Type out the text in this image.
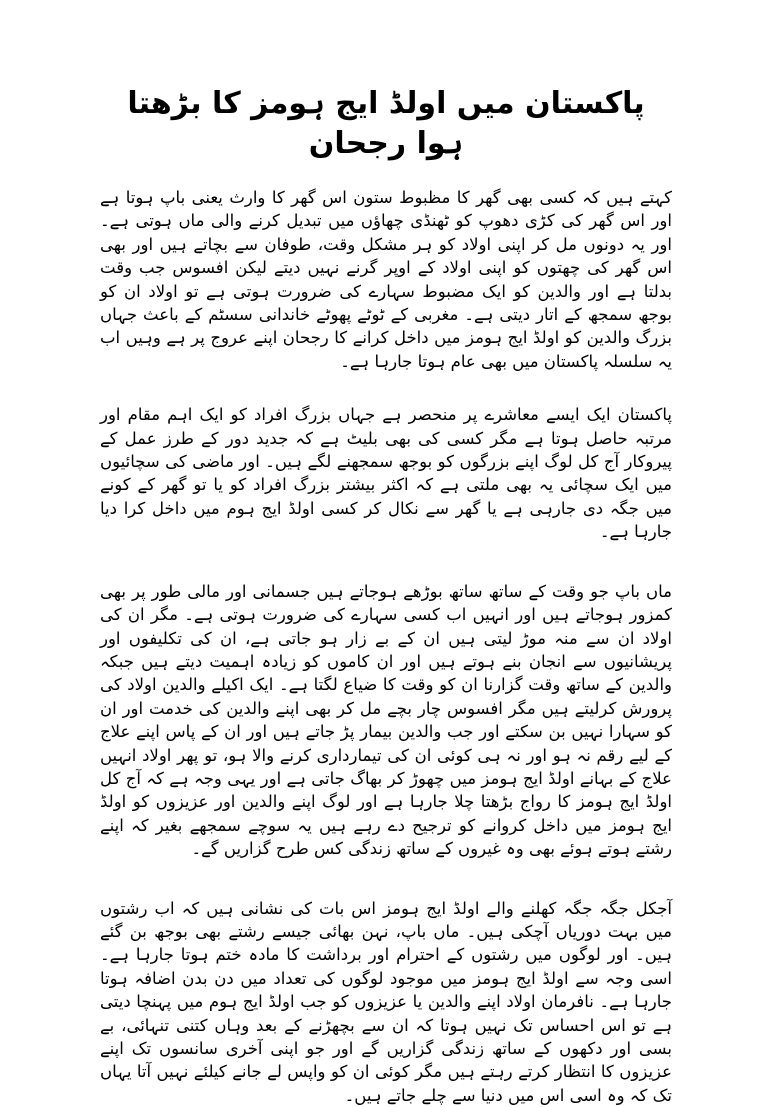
پاکستان میں اولڈ ایج ہومز کا بڑھتا ہوا رجحان

کہتے ہیں کہ کسی بھی گھر کا مظبوط ستون اس گھر کا وارث یعنی باپ ہوتا ہے اور اس گھر کی کڑی دھوپ کو ٹھنڈی چھاؤں میں تبدیل کرنے والی ماں ہوتی ہے۔ اور یہ دونوں مل کر اپنی اولاد کو ہر مشکل وقت، طوفان سے بچاتے ہیں اور بھی اس گھر کی چھتوں کو اپنی اولاد کے اوپر گرنے نہیں دیتے لیکن افسوس جب وقت بدلتا ہے اور والدین کو ایک مضبوط سہارے کی ضرورت ہوتی ہے تو اولاد ان کو بوجھ سمجھ کے اتار دیتی ہے۔ مغربی کے ٹوٹے پھوٹے خاندانی سسٹم کے باعث جہاں بزرگ والدین کو اولڈ ایج ہومز میں داخل کرانے کا رجحان اپنے عروج پر ہے وہیں اب یہ سلسلہ پاکستان میں بھی عام ہوتا جارہا ہے۔

پاکستان ایک ایسے معاشرے پر منحصر ہے جہاں بزرگ افراد کو ایک اہم مقام اور مرتبہ حاصل ہوتا ہے مگر کسی کی بھی بلیٹ ہے کہ جدید دور کے طرز عمل کے پیروکار آج کل لوگ اپنے بزرگوں کو بوجھ سمجھنے لگے ہیں۔ اور ماضی کی سچائیوں میں ایک سچائی یہ بھی ملتی ہے کہ اکثر بیشتر بزرگ افراد کو یا تو گھر کے کونے میں جگہ دی جارہی ہے یا گھر سے نکال کر کسی اولڈ ایج ہوم میں داخل کرا دیا جارہا ہے۔

ماں باپ جو وقت کے ساتھ ساتھ بوڑھے ہوجاتے ہیں جسمانی اور مالی طور پر بھی کمزور ہوجاتے ہیں اور انہیں اب کسی سہارے کی ضرورت ہوتی ہے۔ مگر ان کی اولاد ان سے منہ موڑ لیتی ہیں ان کے بے زار ہو جاتی ہے، ان کی تکلیفوں اور پریشانیوں سے انجان بنے ہوتے ہیں اور ان کاموں کو زیادہ اہمیت دیتے ہیں جبکہ والدین کے ساتھ وقت گزارنا ان کو وقت کا ضیاع لگتا ہے۔ ایک اکیلے والدین اولاد کی پرورش کرلیتے ہیں مگر افسوس چار بچے مل کر بھی اپنے والدین کی خدمت اور ان کو سہارا نہیں بن سکتے اور جب والدین بیمار پڑ جاتے ہیں اور ان کے پاس اپنے علاج کے لیے رقم نہ ہو اور نہ ہی کوئی ان کی تیمارداری کرنے والا ہو، تو پھر اولاد انہیں علاج کے بہانے اولڈ ایج ہومز میں چھوڑ کر بھاگ جاتی ہے اور یہی وجہ ہے کہ آج کل اولڈ ایج ہومز کا رواج بڑھتا چلا جارہا ہے اور لوگ اپنے والدین اور عزیزوں کو اولڈ ایج ہومز میں داخل کروانے کو ترجیح دے رہے ہیں یہ سوچے سمجھے بغیر کہ اپنے رشتے ہوتے ہوئے بھی وہ غیروں کے ساتھ زندگی کس طرح گزاریں گے۔

آجکل جگہ جگہ کھلنے والے اولڈ ایج ہومز اس بات کی نشانی ہیں کہ اب رشتوں میں بہت دوریاں آچکی ہیں۔ ماں باپ، نہن بھائی جیسے رشتے بھی بوجھ بن گئے ہیں۔ اور لوگوں میں رشتوں کے احترام اور برداشت کا مادہ ختم ہوتا جارہا ہے۔ اسی وجہ سے اولڈ ایج ہومز میں موجود لوگوں کی تعداد میں دن بدن اضافہ ہوتا جارہا ہے۔ نافرمان اولاد اپنے والدین یا عزیزوں کو جب اولڈ ایج ہوم میں پہنچا دیتی ہے تو اس احساس تک نہیں ہوتا کہ ان سے بچھڑنے کے بعد وہاں کتنی تنہائی، بے بسی اور دکھوں کے ساتھ زندگی گزاریں گے اور جو اپنی آخری سانسوں تک اپنے عزیزوں کا انتظار کرتے رہتے ہیں مگر کوئی ان کو واپس لے جانے کیلئے نہیں آتا یہاں تک کہ وہ اسی اس میں دنیا سے چلے جاتے ہیں۔
